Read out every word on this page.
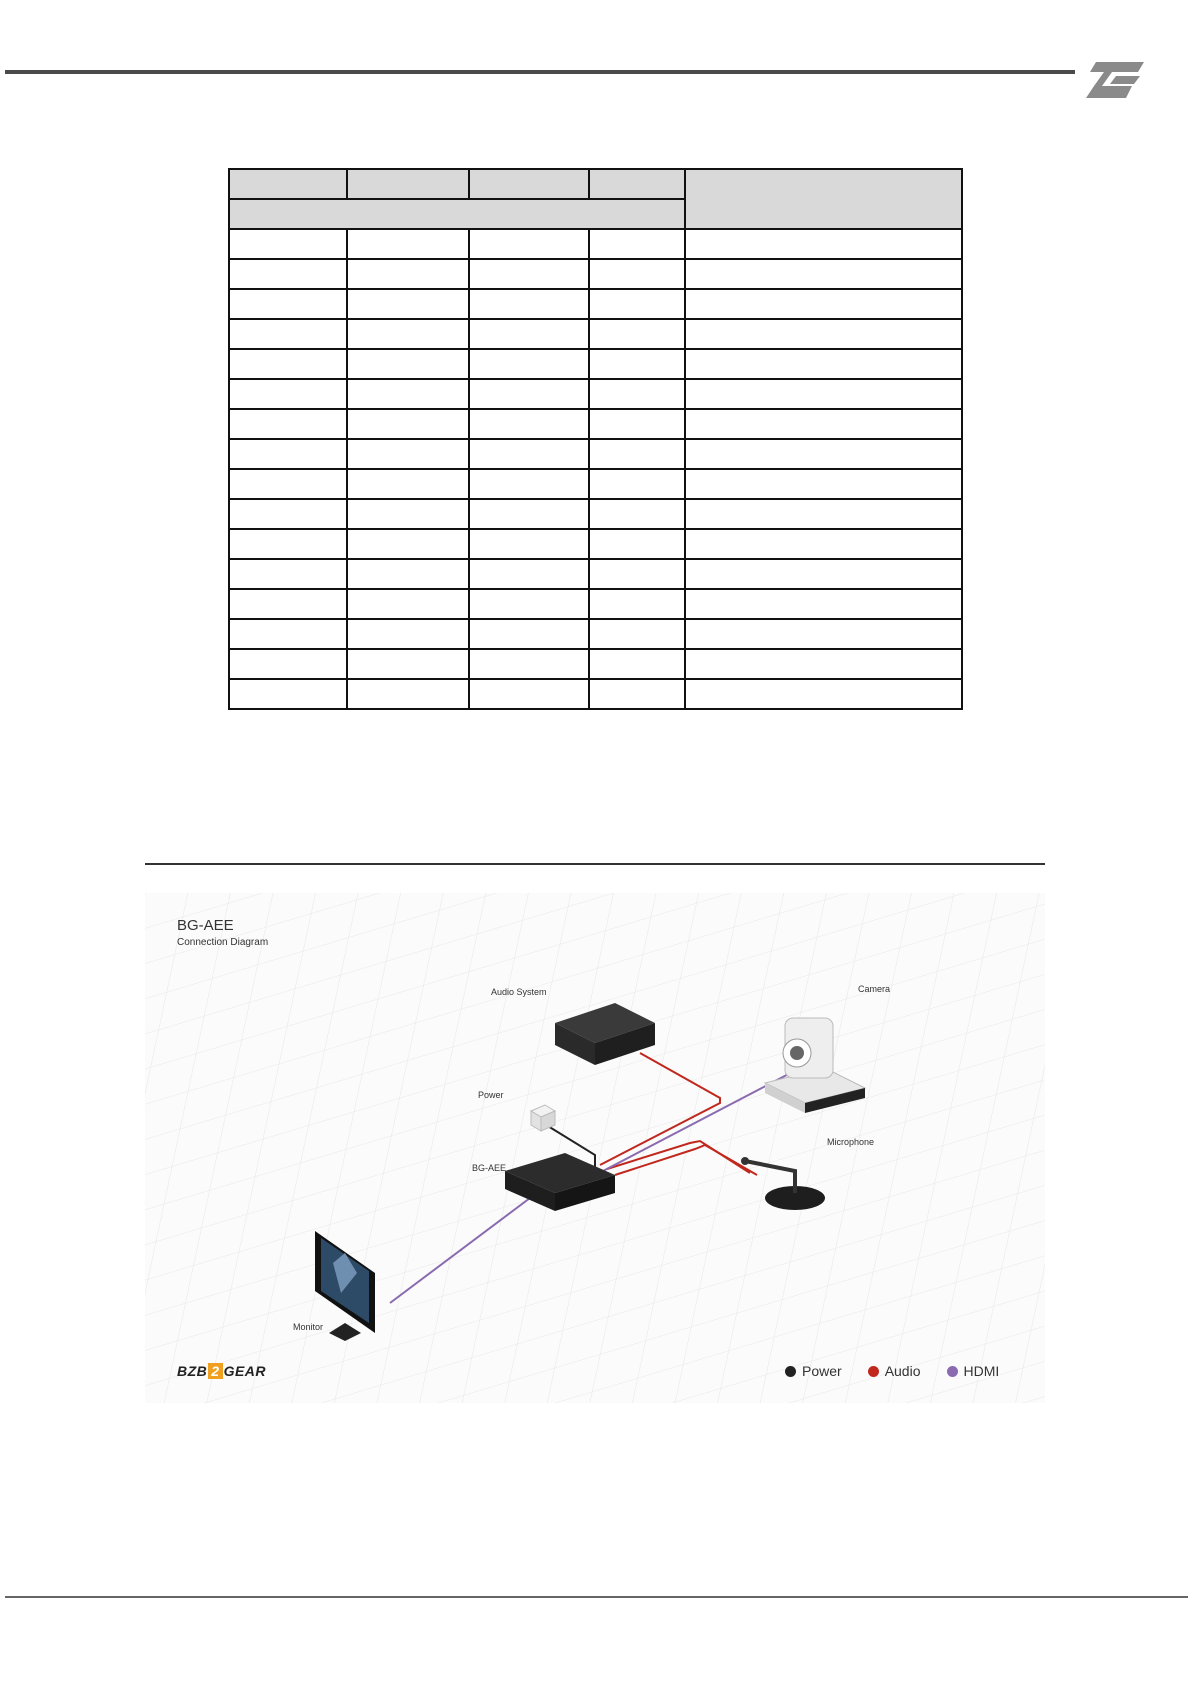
BG-AEE
Connection Diagram
Audio System	Camera
Power
BG-AEE
Microphone
Monitor
BZB 2 GEAR	Power	Audio	HDMI
